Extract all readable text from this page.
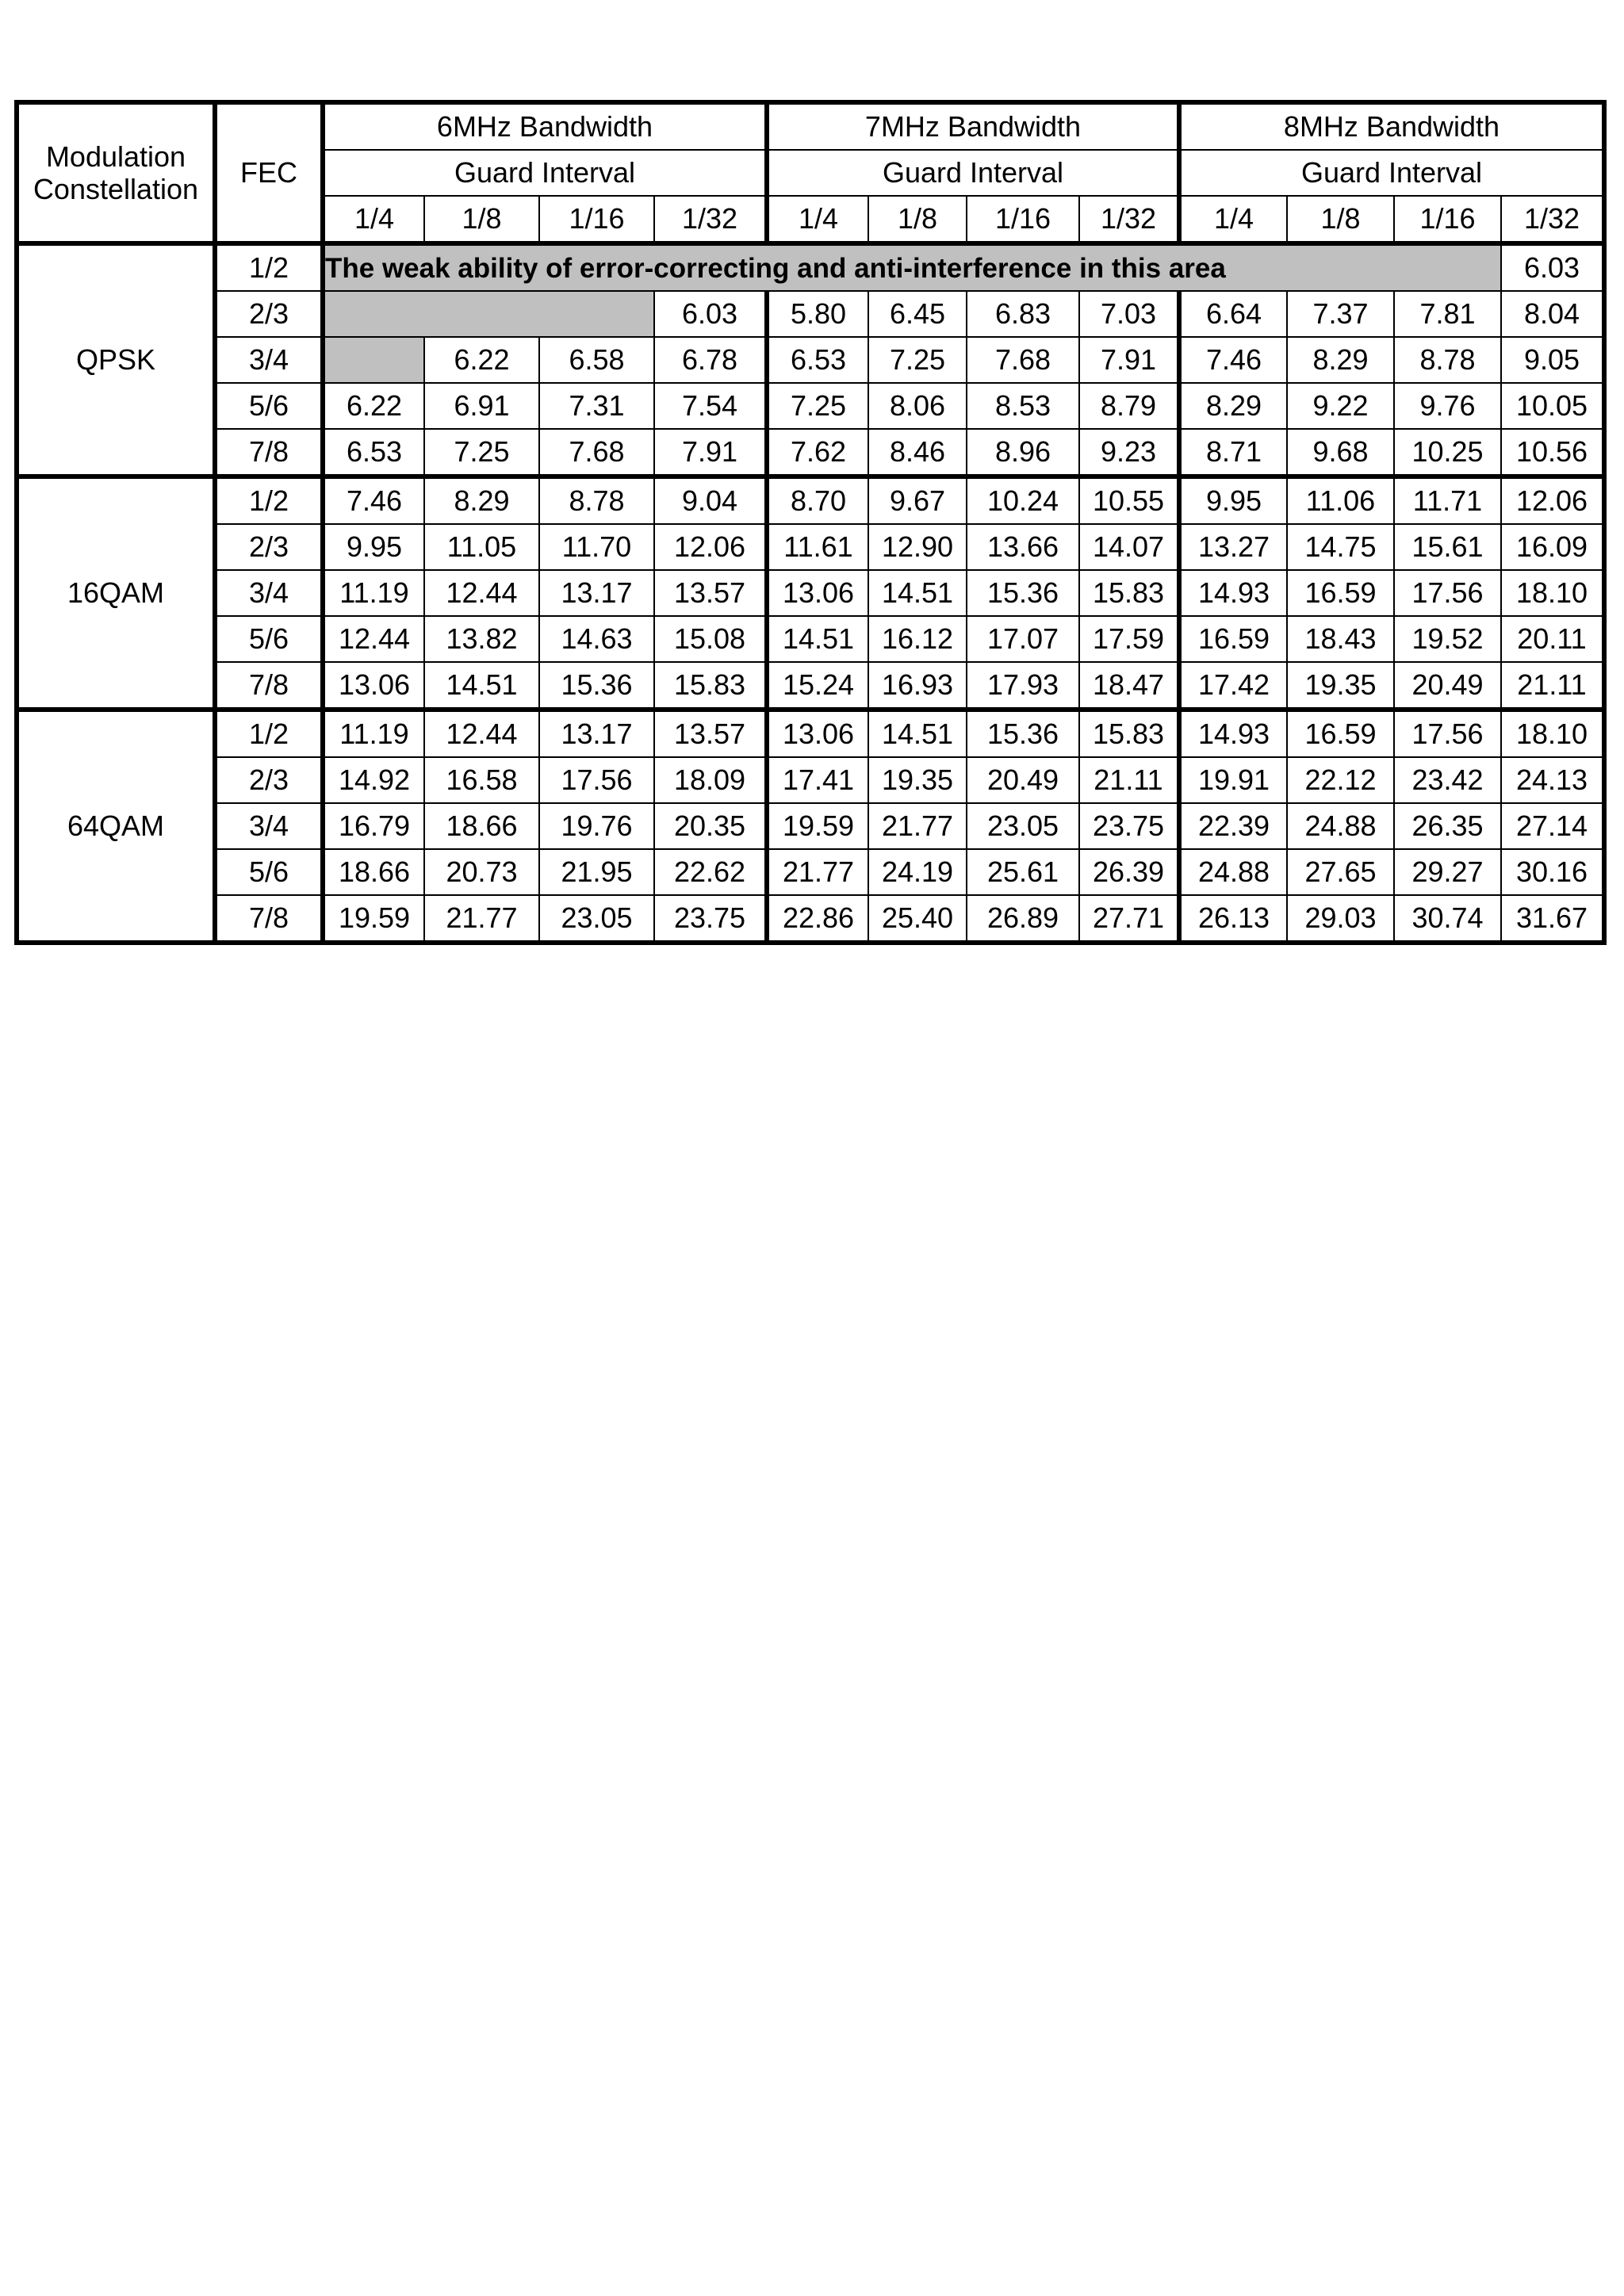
Modulation Constellation	FEC	6MHz Bandwidth				7MHz Bandwidth				8MHz Bandwidth			
		Guard Interval				Guard Interval				Guard Interval			
		1/4	1/8	1/16	1/32	1/4	1/8	1/16	1/32	1/4	1/8	1/16	1/32
QPSK	1/2	The weak ability of error-correcting and anti-interference in this area											6.03
	2/3				6.03	5.80	6.45	6.83	7.03	6.64	7.37	7.81	8.04
	3/4		6.22	6.58	6.78	6.53	7.25	7.68	7.91	7.46	8.29	8.78	9.05
	5/6	6.22	6.91	7.31	7.54	7.25	8.06	8.53	8.79	8.29	9.22	9.76	10.05
	7/8	6.53	7.25	7.68	7.91	7.62	8.46	8.96	9.23	8.71	9.68	10.25	10.56
16QAM	1/2	7.46	8.29	8.78	9.04	8.70	9.67	10.24	10.55	9.95	11.06	11.71	12.06
	2/3	9.95	11.05	11.70	12.06	11.61	12.90	13.66	14.07	13.27	14.75	15.61	16.09
	3/4	11.19	12.44	13.17	13.57	13.06	14.51	15.36	15.83	14.93	16.59	17.56	18.10
	5/6	12.44	13.82	14.63	15.08	14.51	16.12	17.07	17.59	16.59	18.43	19.52	20.11
	7/8	13.06	14.51	15.36	15.83	15.24	16.93	17.93	18.47	17.42	19.35	20.49	21.11
64QAM	1/2	11.19	12.44	13.17	13.57	13.06	14.51	15.36	15.83	14.93	16.59	17.56	18.10
	2/3	14.92	16.58	17.56	18.09	17.41	19.35	20.49	21.11	19.91	22.12	23.42	24.13
	3/4	16.79	18.66	19.76	20.35	19.59	21.77	23.05	23.75	22.39	24.88	26.35	27.14
	5/6	18.66	20.73	21.95	22.62	21.77	24.19	25.61	26.39	24.88	27.65	29.27	30.16
	7/8	19.59	21.77	23.05	23.75	22.86	25.40	26.89	27.71	26.13	29.03	30.74	31.67
